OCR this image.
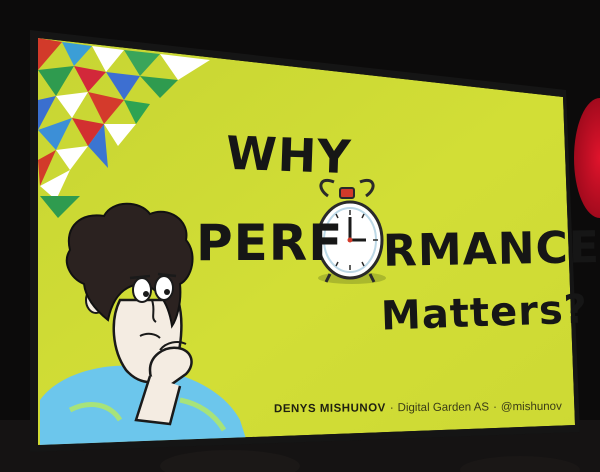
WHY
PERF RMANCE
Matters?
DENYS MISHUNOV · Digital Garden AS · @mishunov
